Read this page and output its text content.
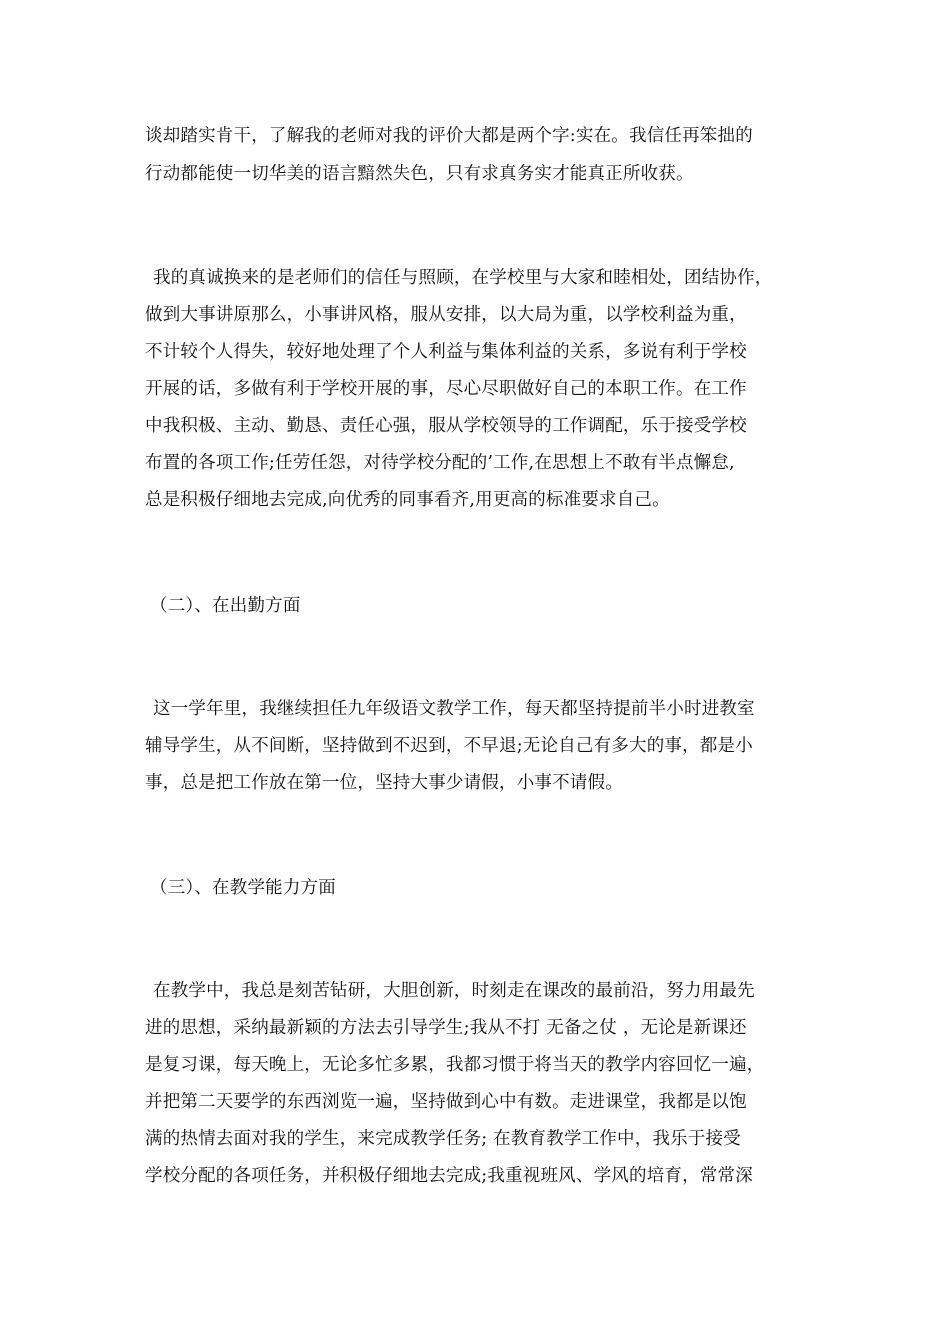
谈却踏实肯干，了解我的老师对我的评价大都是两个字:实在。我信任再笨拙的
行动都能使一切华美的语言黯然失色，只有求真务实才能真正所收获。
我的真诚换来的是老师们的信任与照顾，在学校里与大家和睦相处，团结协作，
做到大事讲原那么，小事讲风格，服从安排，以大局为重，以学校利益为重，
不计较个人得失，较好地处理了个人利益与集体利益的关系，多说有利于学校
开展的话，多做有利于学校开展的事，尽心尽职做好自己的本职工作。在工作
中我积极、主动、勤恳、责任心强，服从学校领导的工作调配，乐于接受学校
布置的各项工作;任劳任怨，对待学校分配的’工作,在思想上不敢有半点懈怠,
总是积极仔细地去完成,向优秀的同事看齐,用更高的标准要求自己。
（二）、在出勤方面
这一学年里，我继续担任九年级语文教学工作，每天都坚持提前半小时进教室
辅导学生，从不间断，坚持做到不迟到，不早退;无论自己有多大的事，都是小
事，总是把工作放在第一位，坚持大事少请假，小事不请假。
（三）、在教学能力方面
在教学中，我总是刻苦钻研，大胆创新，时刻走在课改的最前沿，努力用最先
进的思想，采纳最新颖的方法去引导学生;我从不打 无备之仗 ，无论是新课还
是复习课，每天晚上，无论多忙多累，我都习惯于将当天的教学内容回忆一遍，
并把第二天要学的东西浏览一遍，坚持做到心中有数。走进课堂，我都是以饱
满的热情去面对我的学生，来完成教学任务; 在教育教学工作中，我乐于接受
学校分配的各项任务，并积极仔细地去完成;我重视班风、学风的培育，常常深
